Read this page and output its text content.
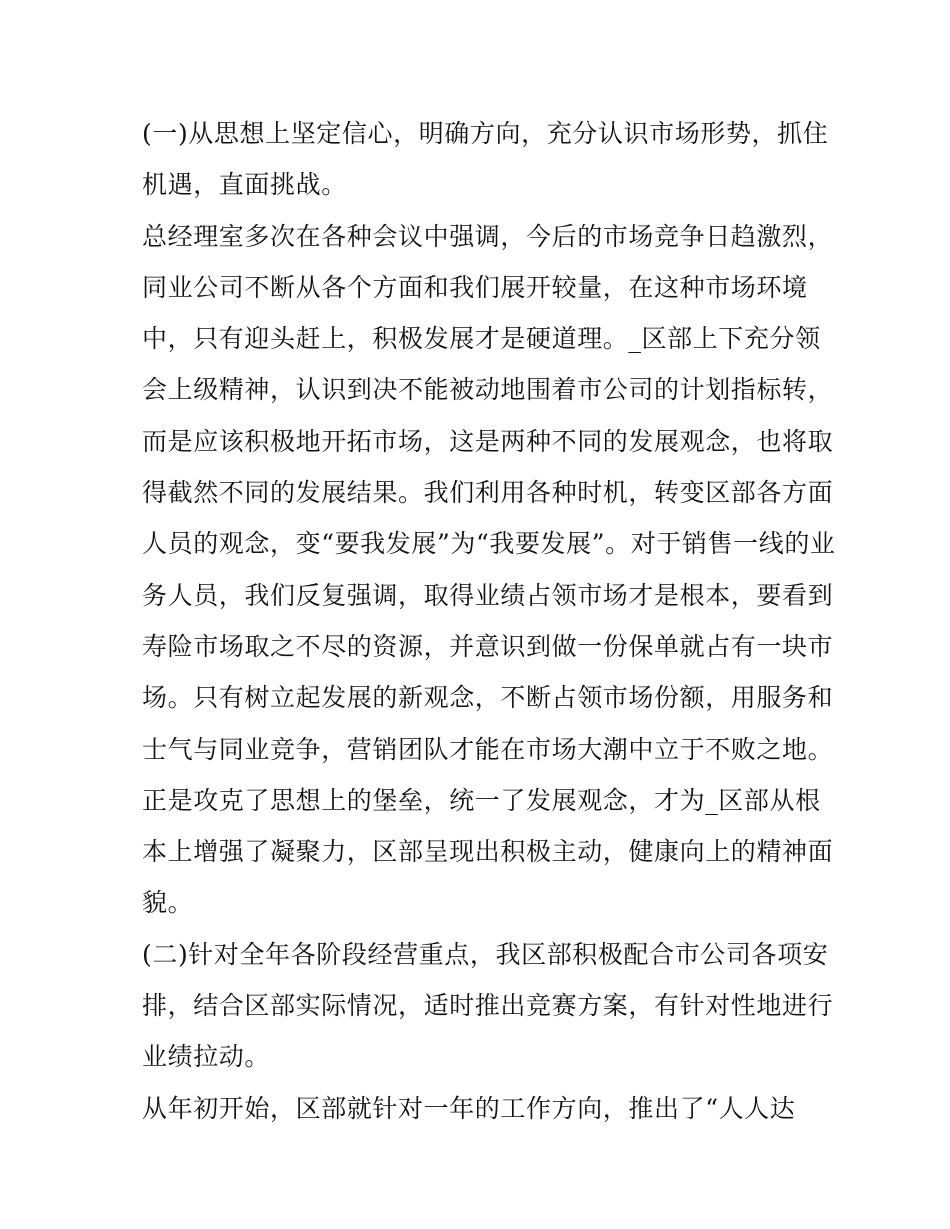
(一)从思想上坚定信心，明确方向，充分认识市场形势，抓住
机遇，直面挑战。
总经理室多次在各种会议中强调，今后的市场竞争日趋激烈，
同业公司不断从各个方面和我们展开较量，在这种市场环境
中，只有迎头赶上，积极发展才是硬道理。_区部上下充分领
会上级精神，认识到决不能被动地围着市公司的计划指标转，
而是应该积极地开拓市场，这是两种不同的发展观念，也将取
得截然不同的发展结果。我们利用各种时机，转变区部各方面
人员的观念，变“要我发展”为“我要发展”。对于销售一线的业
务人员，我们反复强调，取得业绩占领市场才是根本，要看到
寿险市场取之不尽的资源，并意识到做一份保单就占有一块市
场。只有树立起发展的新观念，不断占领市场份额，用服务和
士气与同业竞争，营销团队才能在市场大潮中立于不败之地。
正是攻克了思想上的堡垒，统一了发展观念，才为_区部从根
本上增强了凝聚力，区部呈现出积极主动，健康向上的精神面
貌。
(二)针对全年各阶段经营重点，我区部积极配合市公司各项安
排，结合区部实际情况，适时推出竞赛方案，有针对性地进行
业绩拉动。
从年初开始，区部就针对一年的工作方向，推出了“人人达
